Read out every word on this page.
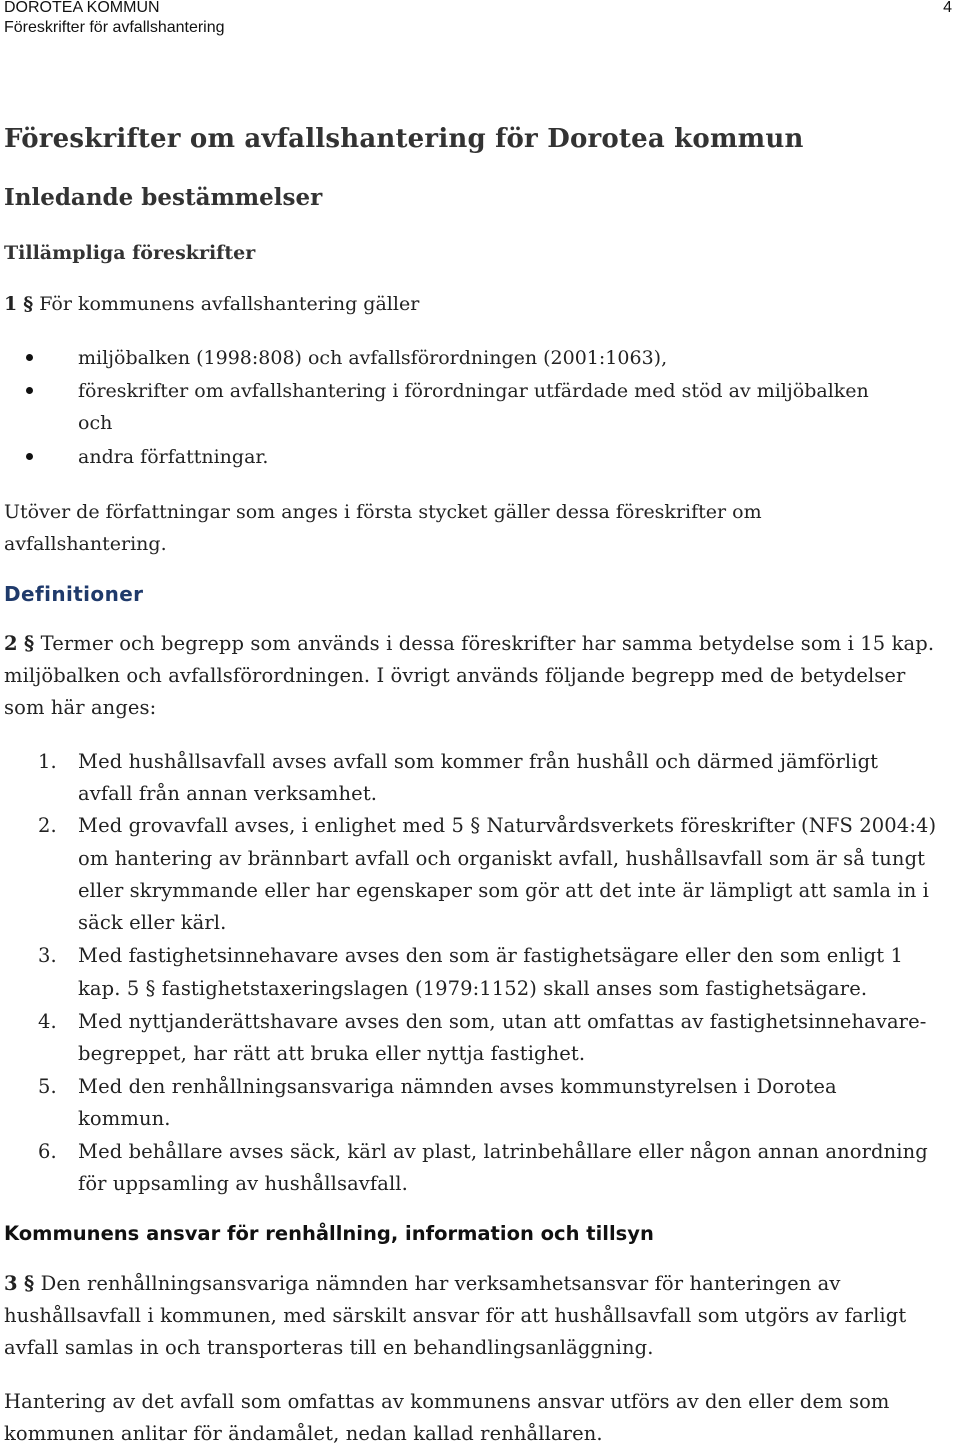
DOROTEA KOMMUN
Föreskrifter för avfallshantering
4
Föreskrifter om avfallshantering för Dorotea kommun
Inledande bestämmelser
Tillämpliga föreskrifter
1 § För kommunens avfallshantering gäller
miljöbalken (1998:808) och avfallsförordningen (2001:1063),
föreskrifter om avfallshantering i förordningar utfärdade med stöd av miljöbalken
och
andra författningar.
Utöver de författningar som anges i första stycket gäller dessa föreskrifter om
avfallshantering.
Definitioner
2 § Termer och begrepp som används i dessa föreskrifter har samma betydelse som i 15 kap.
miljöbalken och avfallsförordningen. I övrigt används följande begrepp med de betydelser
som här anges:
1. Med hushållsavfall avses avfall som kommer från hushåll och därmed jämförligt
avfall från annan verksamhet.
2. Med grovavfall avses, i enlighet med 5 § Naturvårdsverkets föreskrifter (NFS 2004:4)
om hantering av brännbart avfall och organiskt avfall, hushållsavfall som är så tungt
eller skrymmande eller har egenskaper som gör att det inte är lämpligt att samla in i
säck eller kärl.
3. Med fastighetsinnehavare avses den som är fastighetsägare eller den som enligt 1
kap. 5 § fastighetstaxeringslagen (1979:1152) skall anses som fastighetsägare.
4. Med nyttjanderättshavare avses den som, utan att omfattas av fastighetsinnehavare-
begreppet, har rätt att bruka eller nyttja fastighet.
5. Med den renhållningsansvariga nämnden avses kommunstyrelsen i Dorotea
kommun.
6. Med behållare avses säck, kärl av plast, latrinbehållare eller någon annan anordning
för uppsamling av hushållsavfall.
Kommunens ansvar för renhållning, information och tillsyn
3 § Den renhållningsansvariga nämnden har verksamhetsansvar för hanteringen av
hushållsavfall i kommunen, med särskilt ansvar för att hushållsavfall som utgörs av farligt
avfall samlas in och transporteras till en behandlingsanläggning.
Hantering av det avfall som omfattas av kommunens ansvar utförs av den eller dem som
kommunen anlitar för ändamålet, nedan kallad renhållaren.
